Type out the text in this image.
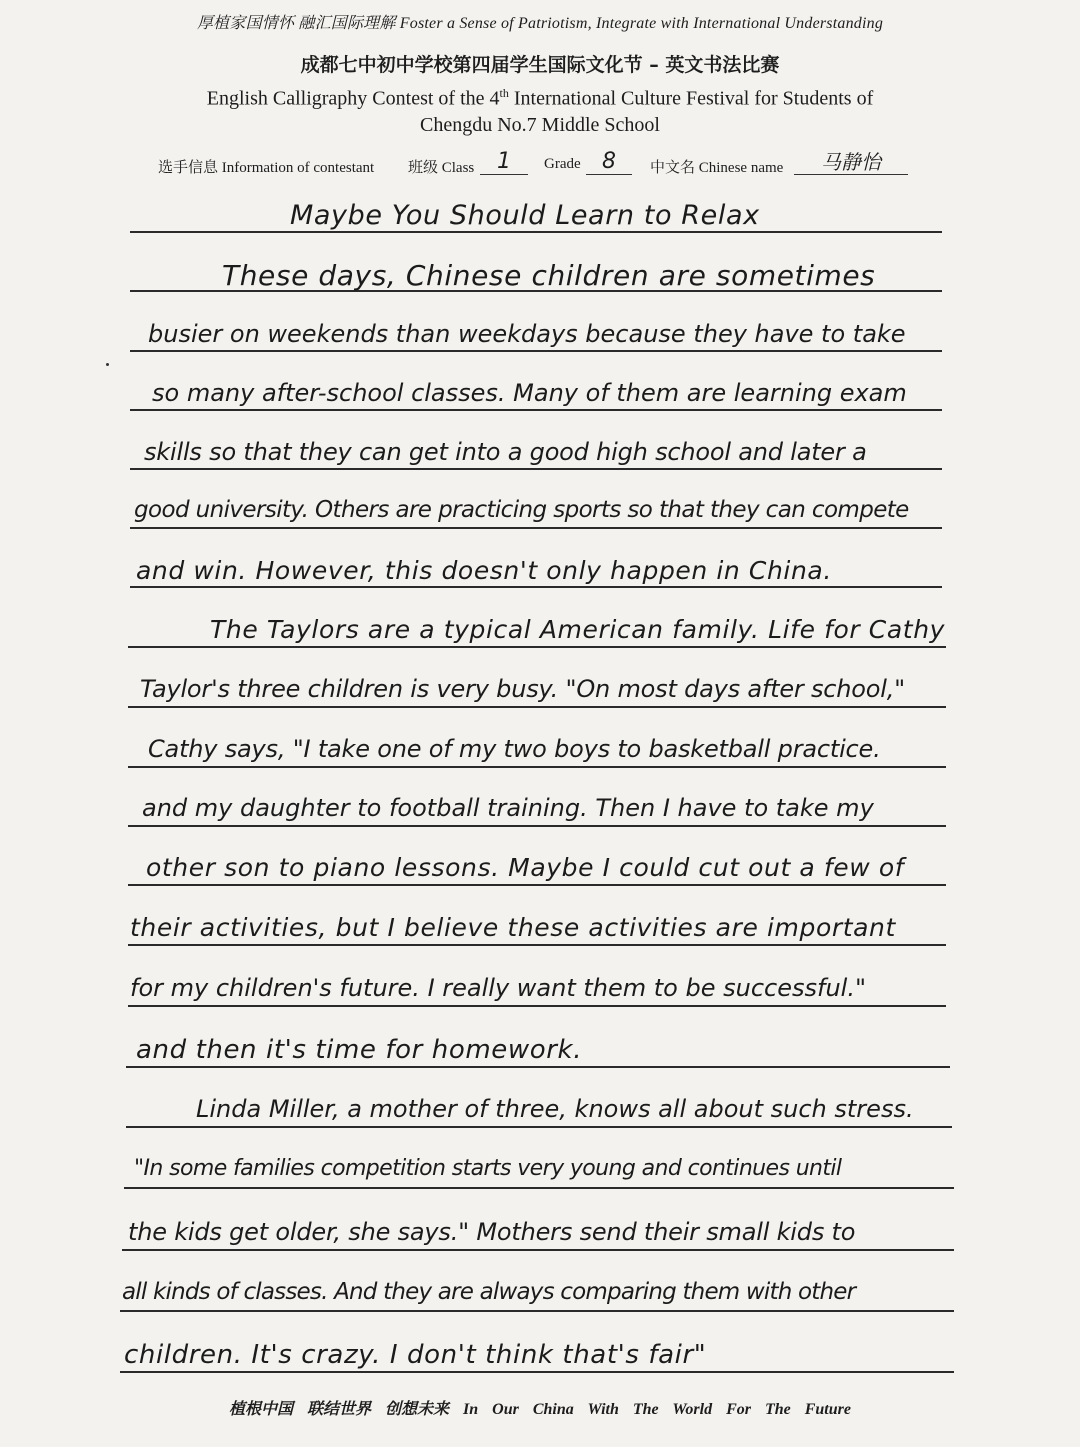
厚植家国情怀 融汇国际理解 Foster a Sense of Patriotism, Integrate with International Understanding
成都七中初中学校第四届学生国际文化节 – 英文书法比赛
English Calligraphy Contest of the 4th International Culture Festival for Students of
Chengdu No.7 Middle School
选手信息 Information of contestant 班级 Class	1	Grade 8	中文名 Chinese name	马静怡
Maybe You Should Learn to Relax
These days, Chinese children are sometimes
busier on weekends than weekdays because they have to take
so many after-school classes. Many of them are learning exam
skills so that they can get into a good high school and later a
good university. Others are practicing sports so that they can compete
and win. However, this doesn't only happen in China.
The Taylors are a typical American family. Life for Cathy
Taylor's three children is very busy. "On most days after school,"
Cathy says, "I take one of my two boys to basketball practice.
and my daughter to football training. Then I have to take my
other son to piano lessons. Maybe I could cut out a few of
their activities, but I believe these activities are important
for my children's future. I really want them to be successful."
and then it's time for homework.
Linda Miller, a mother of three, knows all about such stress.
"In some families competition starts very young and continues until
the kids get older, she says." Mothers send their small kids to
all kinds of classes. And they are always comparing them with other
children. It's crazy. I don't think that's fair"
植根中国 联结世界 创想未来 In Our China With The World For The Future
